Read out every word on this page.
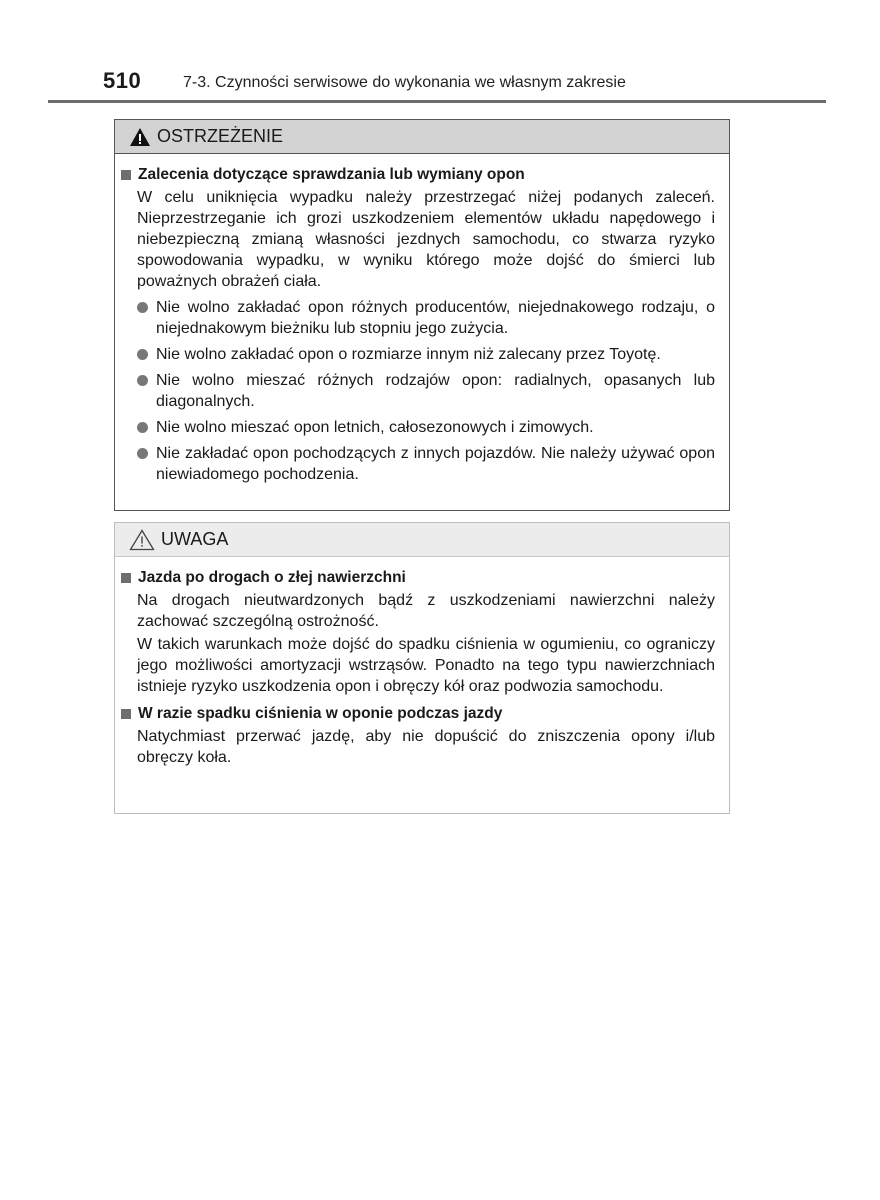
510	7-3. Czynności serwisowe do wykonania we własnym zakresie
OSTRZEŻENIE
Zalecenia dotyczące sprawdzania lub wymiany opon
W celu uniknięcia wypadku należy przestrzegać niżej podanych zaleceń. Nieprzestrzeganie ich grozi uszkodzeniem elementów układu napędowego i niebezpieczną zmianą własności jezdnych samochodu, co stwarza ryzyko spowodowania wypadku, w wyniku którego może dojść do śmierci lub poważnych obrażeń ciała.
Nie wolno zakładać opon różnych producentów, niejednakowego rodzaju, o niejednakowym bieżniku lub stopniu jego zużycia.
Nie wolno zakładać opon o rozmiarze innym niż zalecany przez Toyotę.
Nie wolno mieszać różnych rodzajów opon: radialnych, opasanych lub diagonalnych.
Nie wolno mieszać opon letnich, całosezonowych i zimowych.
Nie zakładać opon pochodzących z innych pojazdów. Nie należy używać opon niewiadomego pochodzenia.
UWAGA
Jazda po drogach o złej nawierzchni
Na drogach nieutwardzonych bądź z uszkodzeniami nawierzchni należy zachować szczególną ostrożność.
W takich warunkach może dojść do spadku ciśnienia w ogumieniu, co ograniczy jego możliwości amortyzacji wstrząsów. Ponadto na tego typu nawierzchniach istnieje ryzyko uszkodzenia opon i obręczy kół oraz podwozia samochodu.
W razie spadku ciśnienia w oponie podczas jazdy
Natychmiast przerwać jazdę, aby nie dopuścić do zniszczenia opony i/lub obręczy koła.
